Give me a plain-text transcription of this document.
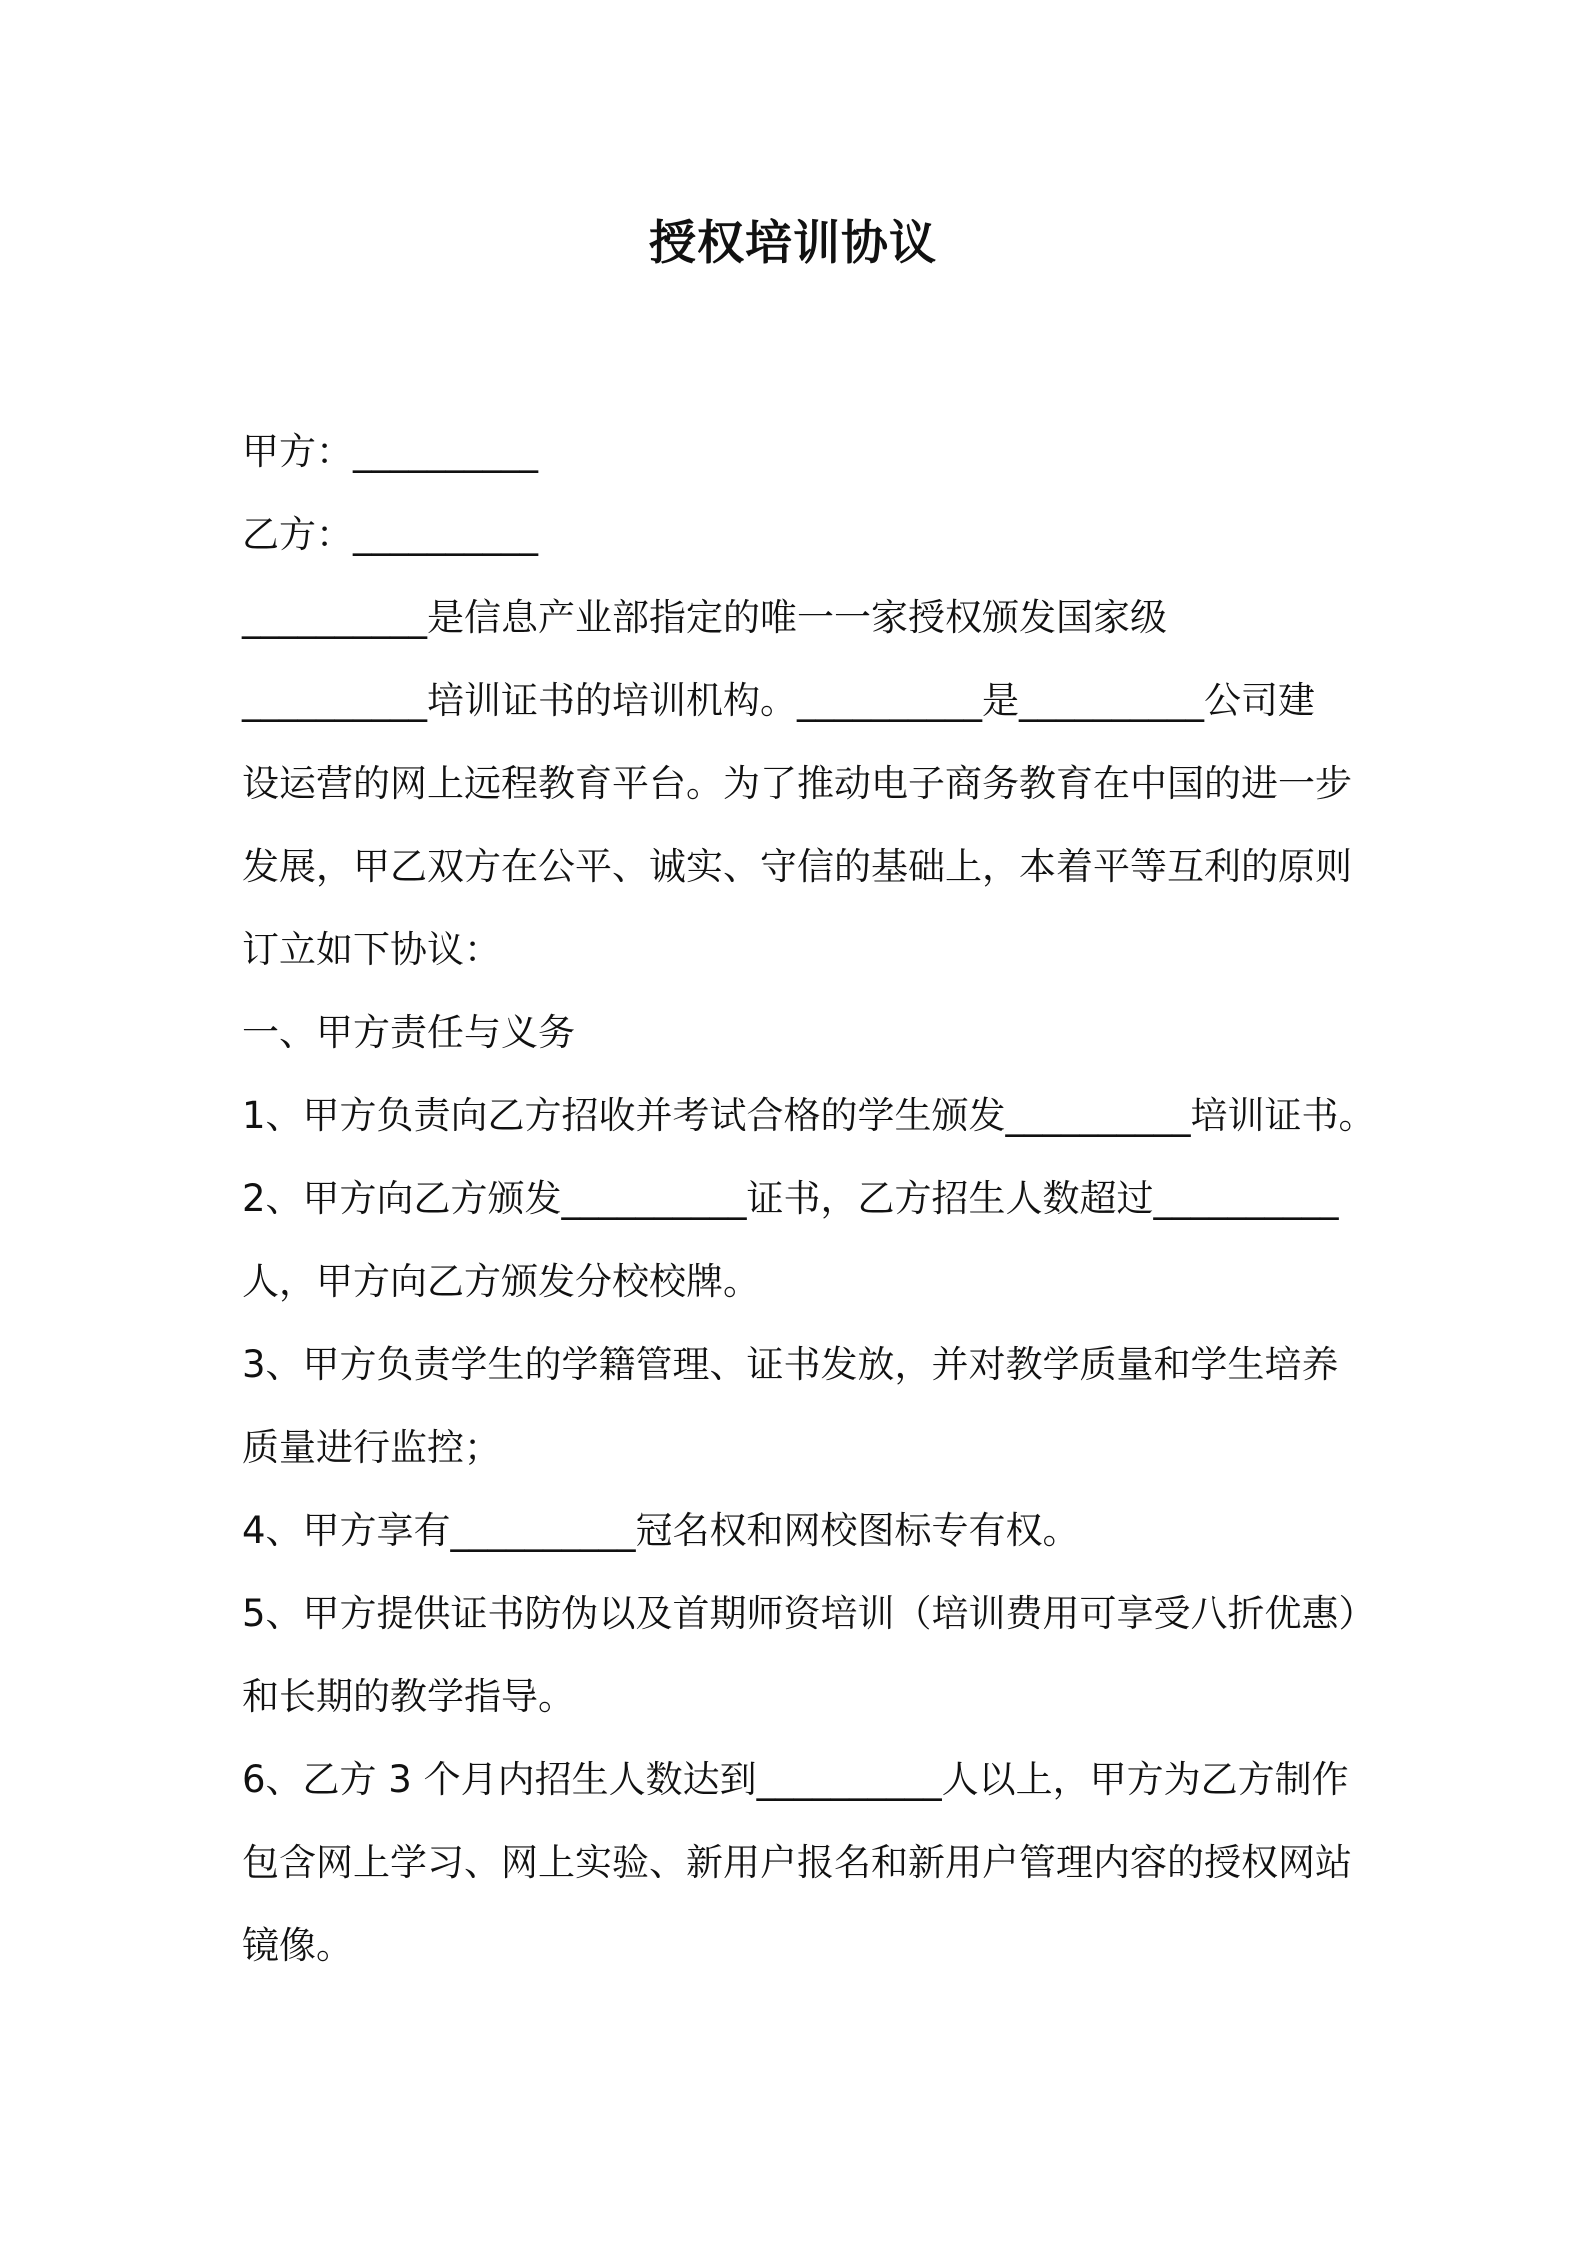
授权培训协议
甲方：__________
乙方：__________
__________是信息产业部指定的唯一一家授权颁发国家级
__________培训证书的培训机构。__________是__________公司建
设运营的网上远程教育平台。为了推动电子商务教育在中国的进一步
发展，甲乙双方在公平、诚实、守信的基础上，本着平等互利的原则
订立如下协议：
一、甲方责任与义务
1、甲方负责向乙方招收并考试合格的学生颁发__________培训证书。
2、甲方向乙方颁发__________证书，乙方招生人数超过__________
人，甲方向乙方颁发分校校牌。
3、甲方负责学生的学籍管理、证书发放，并对教学质量和学生培养
质量进行监控；
4、甲方享有__________冠名权和网校图标专有权。
5、甲方提供证书防伪以及首期师资培训（培训费用可享受八折优惠）
和长期的教学指导。
6、乙方 3 个月内招生人数达到__________人以上，甲方为乙方制作
包含网上学习、网上实验、新用户报名和新用户管理内容的授权网站
镜像。
